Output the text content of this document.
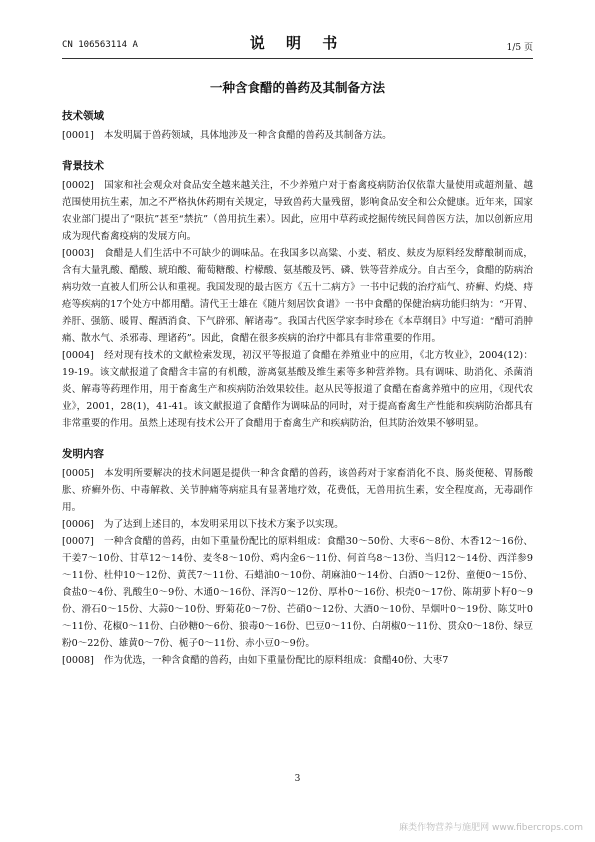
CN 106563114 A	说 明 书	1/5 页
一种含食醋的兽药及其制备方法
技术领域

[0001] 本发明属于兽药领域，具体地涉及一种含食醋的兽药及其制备方法。

背景技术

[0002] 国家和社会观众对食品安全越来越关注，不少养殖户对于畜禽疫病防治仅依靠大量使用或超剂量、越范围使用抗生素，加之不严格执休药期有关规定，导致兽药大量残留，影响食品安全和公众健康。近年来，国家农业部门提出了“限抗”甚至“禁抗”（兽用抗生素）。因此，应用中草药或挖掘传统民间兽医方法，加以创新应用成为现代畜禽疫病的发展方向。

[0003] 食醋是人们生活中不可缺少的调味品。在我国多以高粱、小麦、稻皮、麸皮为原料经发酵酿制而成，含有大量乳酸、醋酸、琥珀酸、葡萄糖酸、柠檬酸、氨基酸及钙、磷、铁等营养成分。自古至今，食醋的防病治病功效一直被人们所公认和重视。我国发现的最古医方《五十二病方》一书中记载的治疗疝气、疥癣、灼烧、痔疮等疾病的17个处方中都用醋。清代王士雄在《随片刻居饮食谱》一书中食醋的保健治病功能归纳为：“开胃、养肝、强筋、暖胃、醒酒消食、下气辟邪、解诸毒”。我国古代医学家李时珍在《本草纲目》中写道：“醋可消肿痛、散水气、杀邪毒、理诸药”。因此，食醋在很多疾病的治疗中都具有非常重要的作用。

[0004] 经对现有技术的文献检索发现，初汉平等报道了食醋在养殖业中的应用，《北方牧业》，2004(12)：19-19。该文献报道了食醋含丰富的有机酸，游离氨基酸及维生素等多种营养物。具有调味、助消化、杀菌消炎、解毒等药理作用，用于畜禽生产和疾病防治效果较佳。赵从民等报道了食醋在畜禽养殖中的应用，《现代农业》，2001，28(1)，41-41。该文献报道了食醋作为调味品的同时，对于提高畜禽生产性能和疾病防治都具有非常重要的作用。虽然上述现有技术公开了食醋用于畜禽生产和疾病防治，但其防治效果不够明显。

发明内容

[0005] 本发明所要解决的技术问题是提供一种含食醋的兽药，该兽药对于家畜消化不良、肠炎便秘、胃肠酸胀、疥癣外伤、中毒解救、关节肿痛等病症具有显著地疗效，花费低，无兽用抗生素，安全程度高，无毒副作用。

[0006] 为了达到上述目的，本发明采用以下技术方案予以实现。

[0007] 一种含食醋的兽药，由如下重量份配比的原料组成：食醋30～50份、大枣6～8份、木香12～16份、干姜7～10份、甘草12～14份、麦冬8～10份、鸡内金6～11份、何首乌8～13份、当归12～14份、西洋参9～11份、杜仲10～12份、黄芪7～11份、石蜡油0～10份、胡麻油0～14份、白酒0～12份、童便0～15份、食盐0～4份、乳酸生0～9份、木通0～16份、泽泻0～12份、厚朴0～16份、枳壳0～17份、陈胡萝卜籽0～9份、滑石0～15份、大蒜0～10份、野菊花0～7份、芒硝0～12份、大酒0～10份、旱烟叶0～19份、陈艾叶0～11份、花椒0～11份、白砂糖0～6份、狼毒0～16份、巴豆0～11份、白胡椒0～11份、贯众0～18份、绿豆粉0～22份、雄黄0～7份、栀子0～11份、赤小豆0～9份。

[0008] 作为优选，一种含食醋的兽药，由如下重量份配比的原料组成：食醋40份、大枣7

3
麻类作物营养与施肥网 www.fibercrops.com
